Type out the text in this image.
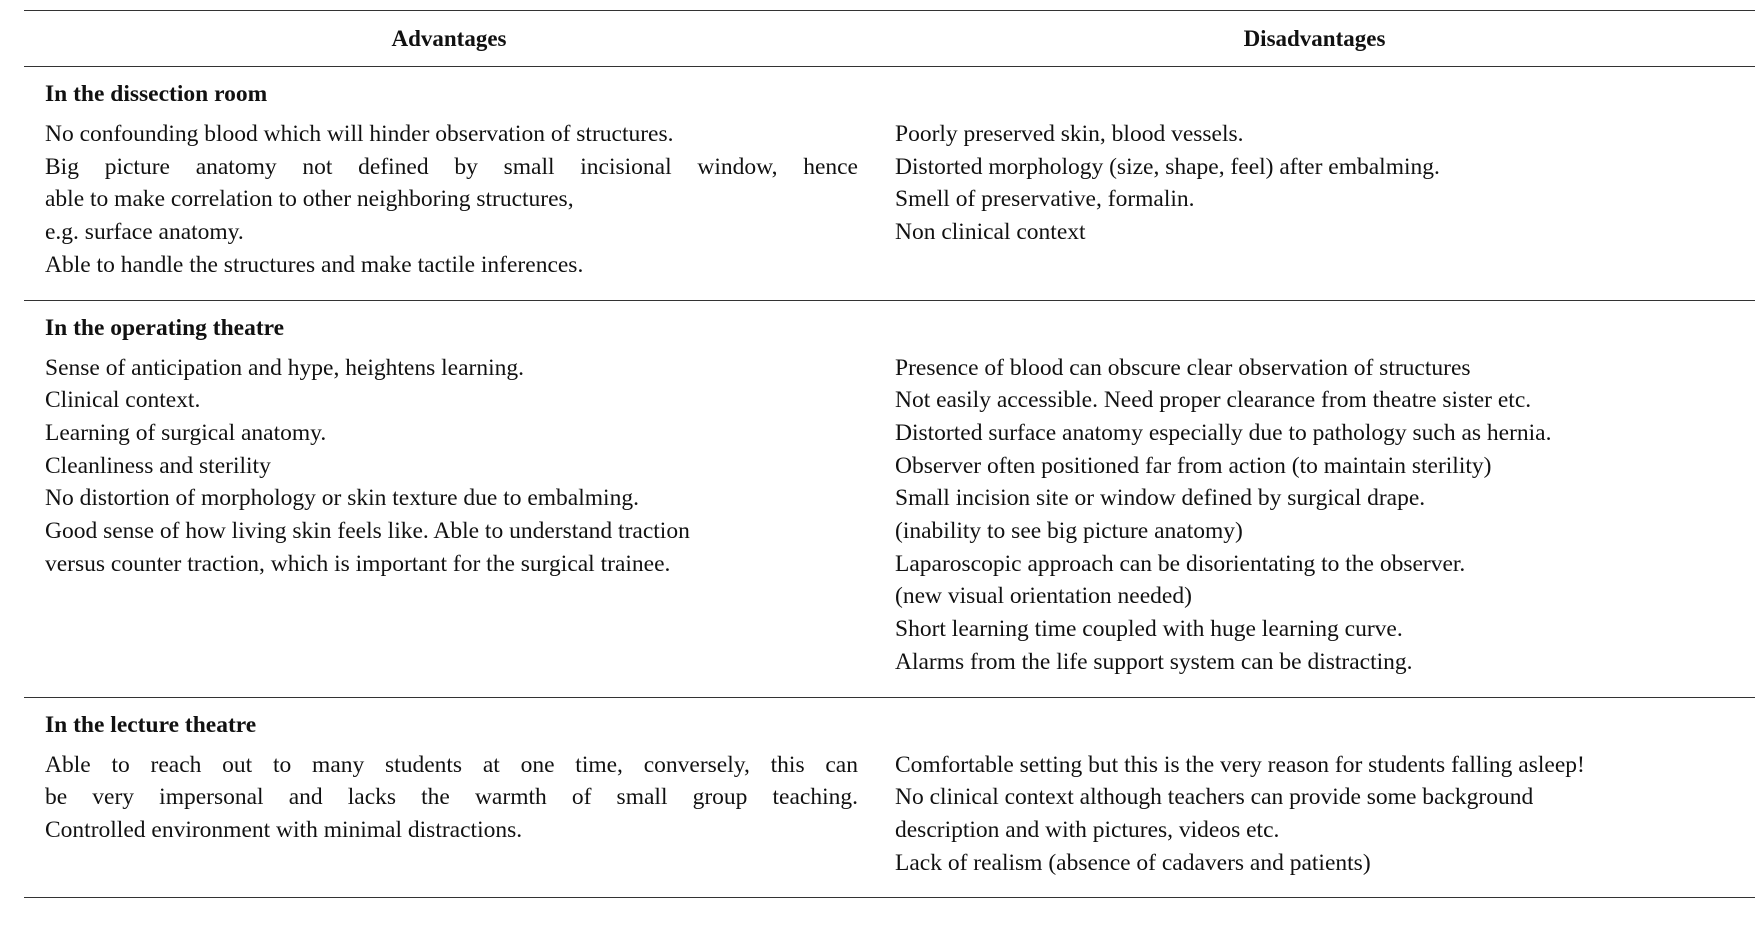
Advantages	Disadvantages
In the dissection room
No confounding blood which will hinder observation of structures.
Big picture anatomy not defined by small incisional window, hence
able to make correlation to other neighboring structures,
e.g. surface anatomy.
Able to handle the structures and make tactile inferences.
Poorly preserved skin, blood vessels.
Distorted morphology (size, shape, feel) after embalming.
Smell of preservative, formalin.
Non clinical context
In the operating theatre
Sense of anticipation and hype, heightens learning.
Clinical context.
Learning of surgical anatomy.
Cleanliness and sterility
No distortion of morphology or skin texture due to embalming.
Good sense of how living skin feels like. Able to understand traction
versus counter traction, which is important for the surgical trainee.
Presence of blood can obscure clear observation of structures
Not easily accessible. Need proper clearance from theatre sister etc.
Distorted surface anatomy especially due to pathology such as hernia.
Observer often positioned far from action (to maintain sterility)
Small incision site or window defined by surgical drape.
(inability to see big picture anatomy)
Laparoscopic approach can be disorientating to the observer.
(new visual orientation needed)
Short learning time coupled with huge learning curve.
Alarms from the life support system can be distracting.
In the lecture theatre
Able to reach out to many students at one time, conversely, this can
be very impersonal and lacks the warmth of small group teaching.
Controlled environment with minimal distractions.
Comfortable setting but this is the very reason for students falling asleep!
No clinical context although teachers can provide some background
description and with pictures, videos etc.
Lack of realism (absence of cadavers and patients)
